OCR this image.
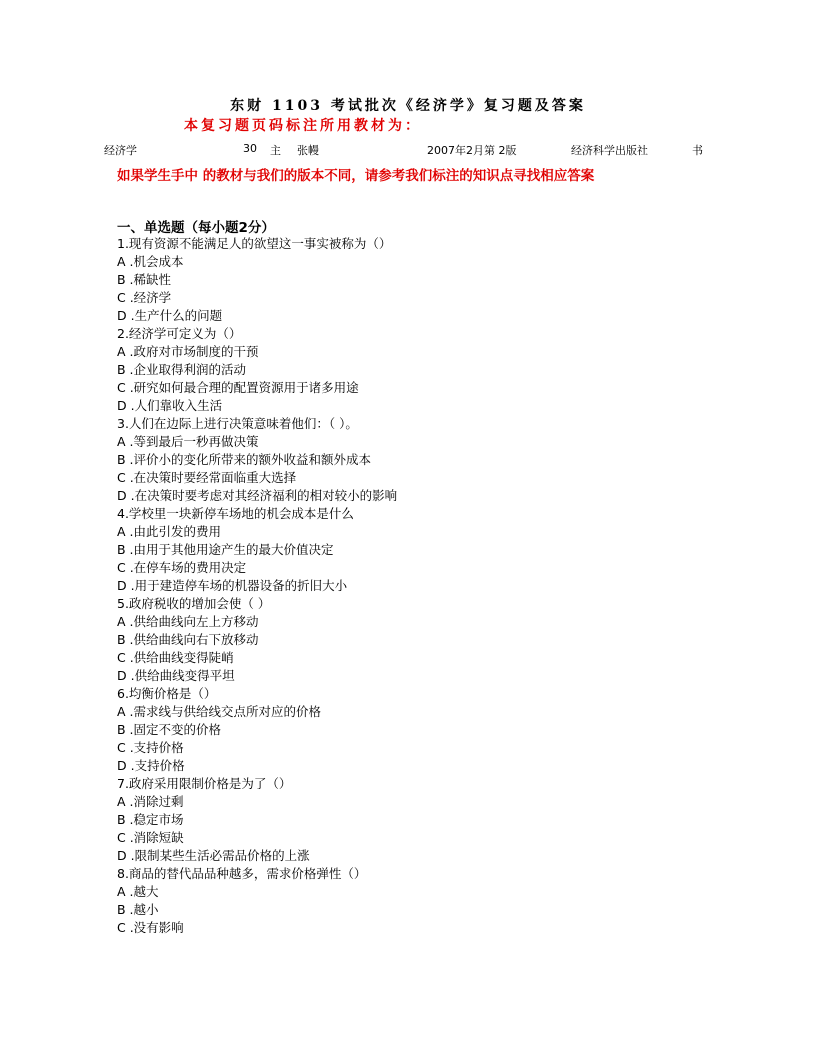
东财 1103 考试批次《经济学》复习题及答案
本复习题页码标注所用教材为：
经济学	30 主 张幔	2007年2月第 2版	经济科学出版社	书
如果学生手中 的教材与我们的版本不同，请参考我们标注的知识点寻找相应答案
一、单选题（每小题2分）
1.现有资源不能满足人的欲望这一事实被称为（）
A .机会成本
B .稀缺性
C .经济学
D .生产什么的问题
2.经济学可定义为（）
A .政府对市场制度的干预
B .企业取得利润的活动
C .研究如何最合理的配置资源用于诸多用途
D .人们靠收入生活
3.人们在边际上进行决策意味着他们：（ ）。
A .等到最后一秒再做决策
B .评价小的变化所带来的额外收益和额外成本
C .在决策时要经常面临重大选择
D .在决策时要考虑对其经济福利的相对较小的影响
4.学校里一块新停车场地的机会成本是什么
A .由此引发的费用
B .由用于其他用途产生的最大价值决定
C .在停车场的费用决定
D .用于建造停车场的机器设备的折旧大小
5.政府税收的增加会使（ ）
A .供给曲线向左上方移动
B .供给曲线向右下放移动
C .供给曲线变得陡峭
D .供给曲线变得平坦
6.均衡价格是（）
A .需求线与供给线交点所对应的价格
B .固定不变的价格
C .支持价格
D .支持价格
7.政府采用限制价格是为了（）
A .消除过剩
B .稳定市场
C .消除短缺
D .限制某些生活必需品价格的上涨
8.商品的替代品品种越多，需求价格弹性（）
A .越大
B .越小
C .没有影响
